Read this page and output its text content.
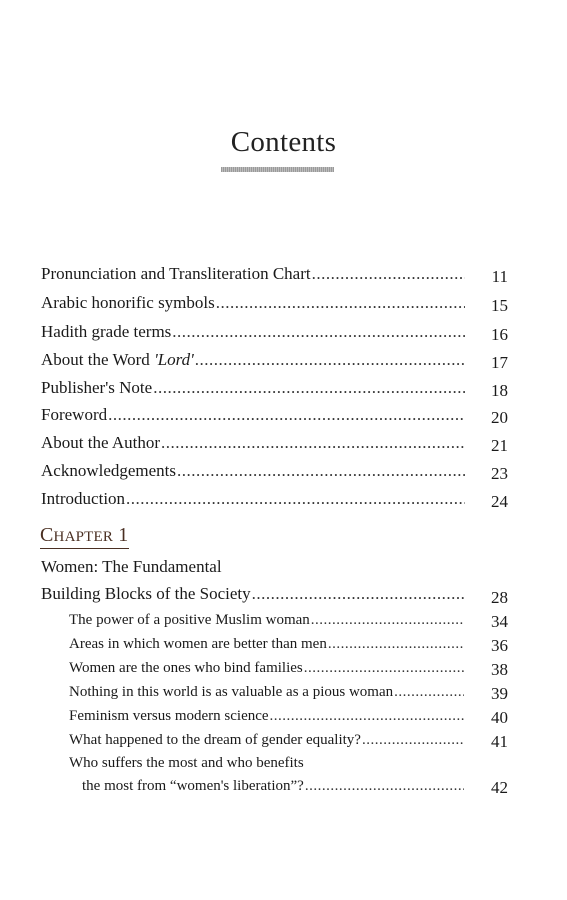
Contents
Pronunciation and Transliteration Chart .....	11
Arabic honorific symbols .....	15
Hadith grade terms .....	16
About the Word 'Lord' .....	17
Publisher's Note .....	18
Foreword .....	20
About the Author .....	21
Acknowledgements .....	23
Introduction .....	24
CHAPTER 1
Women: The Fundamental
Building Blocks of the Society .....	28
The power of a positive Muslim woman .....	34
Areas in which women are better than men .....	36
Women are the ones who bind families .....	38
Nothing in this world is as valuable as a pious woman .....	39
Feminism versus modern science .....	40
What happened to the dream of gender equality? .....	41
Who suffers the most and who benefits
the most from “women's liberation”? .....	42
